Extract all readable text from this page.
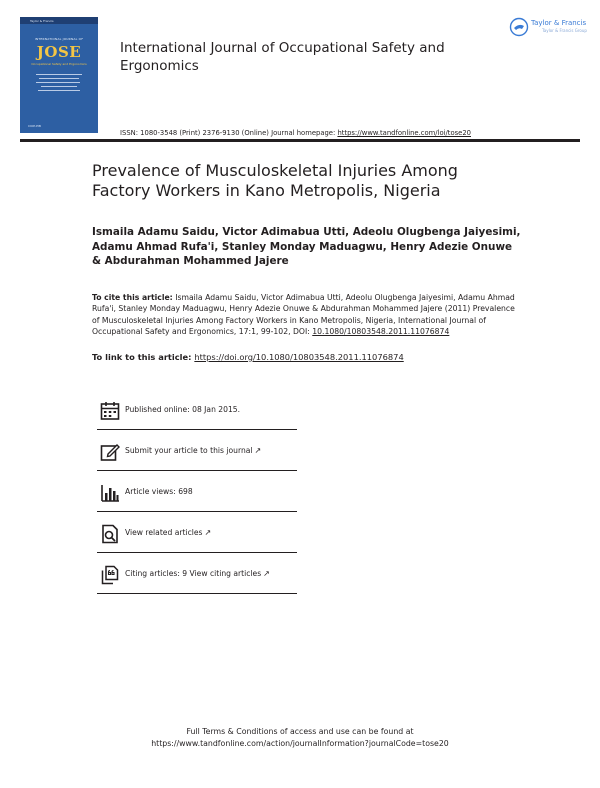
Taylor & Francis
INTERNATIONAL JOURNAL OF
JOSE
Occupational Safety and Ergonomics
CIOP-PIB
International Journal of Occupational Safety and Ergonomics
Taylor & Francis
Taylor & Francis Group
ISSN: 1080-3548 (Print) 2376-9130 (Online) Journal homepage: https://www.tandfonline.com/loi/tose20
Prevalence of Musculoskeletal Injuries Among Factory Workers in Kano Metropolis, Nigeria
Ismaila Adamu Saidu, Victor Adimabua Utti, Adeolu Olugbenga Jaiyesimi, Adamu Ahmad Rufa'i, Stanley Monday Maduagwu, Henry Adezie Onuwe & Abdurahman Mohammed Jajere
To cite this article: Ismaila Adamu Saidu, Victor Adimabua Utti, Adeolu Olugbenga Jaiyesimi, Adamu Ahmad Rufa'i, Stanley Monday Maduagwu, Henry Adezie Onuwe & Abdurahman Mohammed Jajere (2011) Prevalence of Musculoskeletal Injuries Among Factory Workers in Kano Metropolis, Nigeria, International Journal of Occupational Safety and Ergonomics, 17:1, 99-102, DOI: 10.1080/10803548.2011.11076874
To link to this article: https://doi.org/10.1080/10803548.2011.11076874
Published online: 08 Jan 2015.
Submit your article to this journal ↗
Article views: 698
View related articles ↗
Citing articles: 9 View citing articles ↗
Full Terms & Conditions of access and use can be found at
https://www.tandfonline.com/action/journalInformation?journalCode=tose20
